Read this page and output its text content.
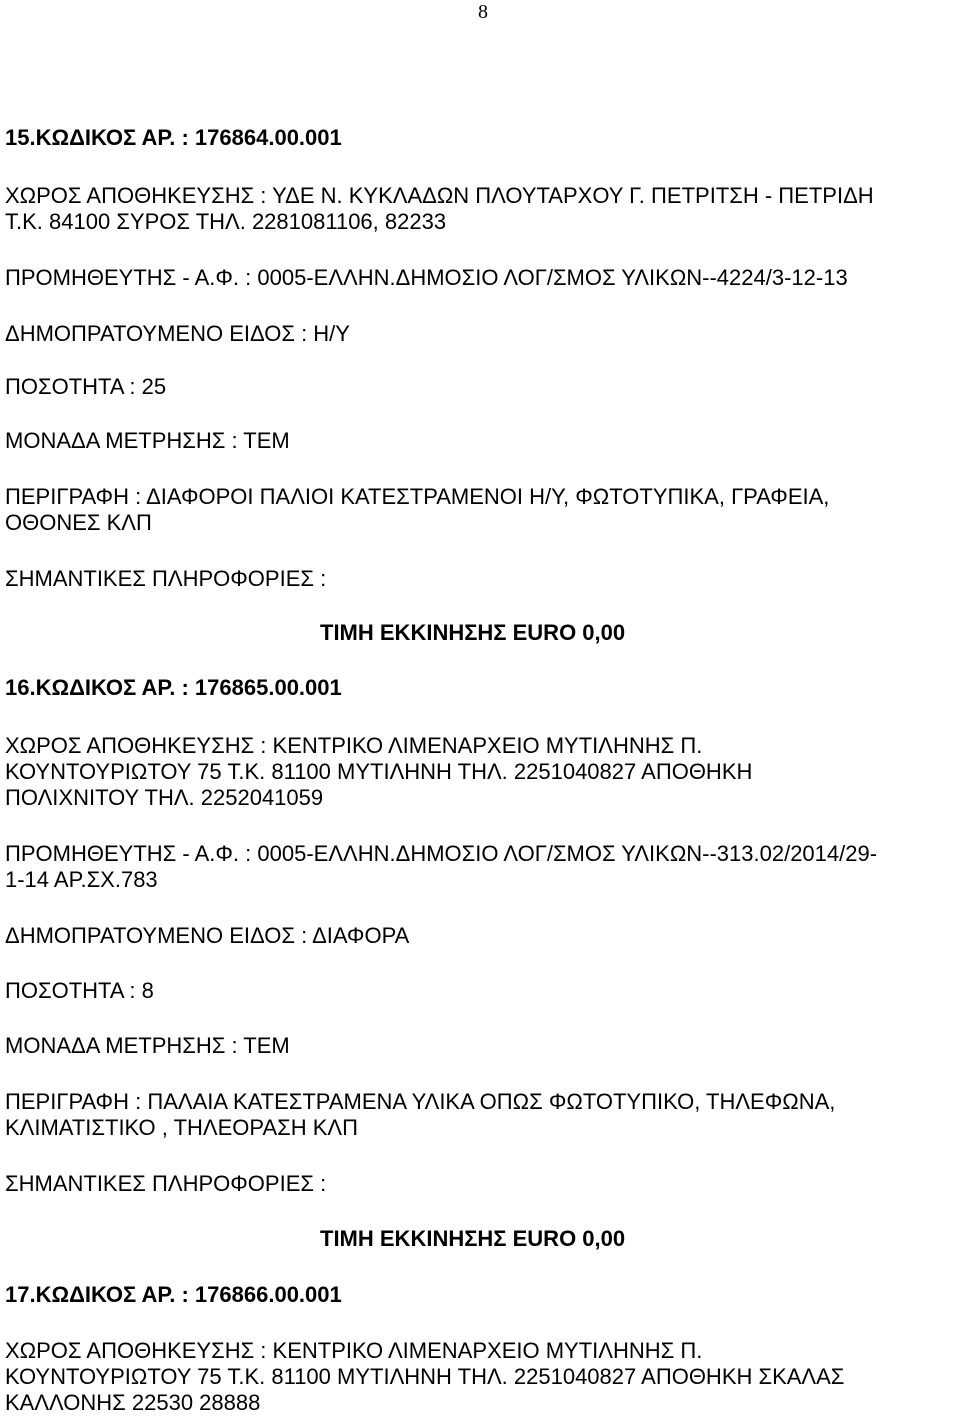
8

15.ΚΩΔΙΚΟΣ ΑΡ. : 176864.00.001

ΧΩΡΟΣ ΑΠΟΘΗΚΕΥΣΗΣ : ΥΔΕ Ν. ΚΥΚΛΑΔΩΝ ΠΛΟΥΤΑΡΧΟΥ Γ. ΠΕΤΡΙΤΣΗ - ΠΕΤΡΙΔΗ

Τ.Κ. 84100 ΣΥΡΟΣ ΤΗΛ. 2281081106, 82233

ΠΡΟΜΗΘΕΥΤΗΣ - Α.Φ. : 0005-ΕΛΛΗΝ.ΔΗΜΟΣΙΟ ΛΟΓ/ΣΜΟΣ ΥΛΙΚΩΝ--4224/3-12-13

ΔΗΜΟΠΡΑΤΟΥΜΕΝΟ ΕΙΔΟΣ : Η/Υ

ΠΟΣΟΤΗΤΑ : 25

ΜΟΝΑΔΑ ΜΕΤΡΗΣΗΣ : ΤΕΜ

ΠΕΡΙΓΡΑΦΗ : ΔΙΑΦΟΡΟΙ ΠΑΛΙΟΙ ΚΑΤΕΣΤΡΑΜΕΝΟΙ Η/Υ, ΦΩΤΟΤΥΠΙΚΑ, ΓΡΑΦΕΙΑ,

ΟΘΟΝΕΣ ΚΛΠ

ΣΗΜΑΝΤΙΚΕΣ ΠΛΗΡΟΦΟΡΙΕΣ :

ΤΙΜΗ ΕΚΚΙΝΗΣΗΣ EURO 0,00

16.ΚΩΔΙΚΟΣ ΑΡ. : 176865.00.001

ΧΩΡΟΣ ΑΠΟΘΗΚΕΥΣΗΣ : ΚΕΝΤΡΙΚΟ ΛΙΜΕΝΑΡΧΕΙΟ ΜΥΤΙΛΗΝΗΣ Π.

ΚΟΥΝΤΟΥΡΙΩΤΟΥ 75 Τ.Κ. 81100 ΜΥΤΙΛΗΝΗ ΤΗΛ. 2251040827 ΑΠΟΘΗΚΗ

ΠΟΛΙΧΝΙΤΟΥ ΤΗΛ. 2252041059

ΠΡΟΜΗΘΕΥΤΗΣ - Α.Φ. : 0005-ΕΛΛΗΝ.ΔΗΜΟΣΙΟ ΛΟΓ/ΣΜΟΣ ΥΛΙΚΩΝ--313.02/2014/29-

1-14 ΑΡ.ΣΧ.783

ΔΗΜΟΠΡΑΤΟΥΜΕΝΟ ΕΙΔΟΣ : ΔΙΑΦΟΡΑ

ΠΟΣΟΤΗΤΑ : 8

ΜΟΝΑΔΑ ΜΕΤΡΗΣΗΣ : ΤΕΜ

ΠΕΡΙΓΡΑΦΗ : ΠΑΛΑΙΑ ΚΑΤΕΣΤΡΑΜΕΝΑ ΥΛΙΚΑ ΟΠΩΣ ΦΩΤΟΤΥΠΙΚΟ, ΤΗΛΕΦΩΝΑ,

ΚΛΙΜΑΤΙΣΤΙΚΟ , ΤΗΛΕΟΡΑΣΗ ΚΛΠ

ΣΗΜΑΝΤΙΚΕΣ ΠΛΗΡΟΦΟΡΙΕΣ :

ΤΙΜΗ ΕΚΚΙΝΗΣΗΣ EURO 0,00

17.ΚΩΔΙΚΟΣ ΑΡ. : 176866.00.001

ΧΩΡΟΣ ΑΠΟΘΗΚΕΥΣΗΣ : ΚΕΝΤΡΙΚΟ ΛΙΜΕΝΑΡΧΕΙΟ ΜΥΤΙΛΗΝΗΣ Π.

ΚΟΥΝΤΟΥΡΙΩΤΟΥ 75 Τ.Κ. 81100 ΜΥΤΙΛΗΝΗ ΤΗΛ. 2251040827 ΑΠΟΘΗΚΗ ΣΚΑΛΑΣ

ΚΑΛΛΟΝΗΣ 22530 28888
